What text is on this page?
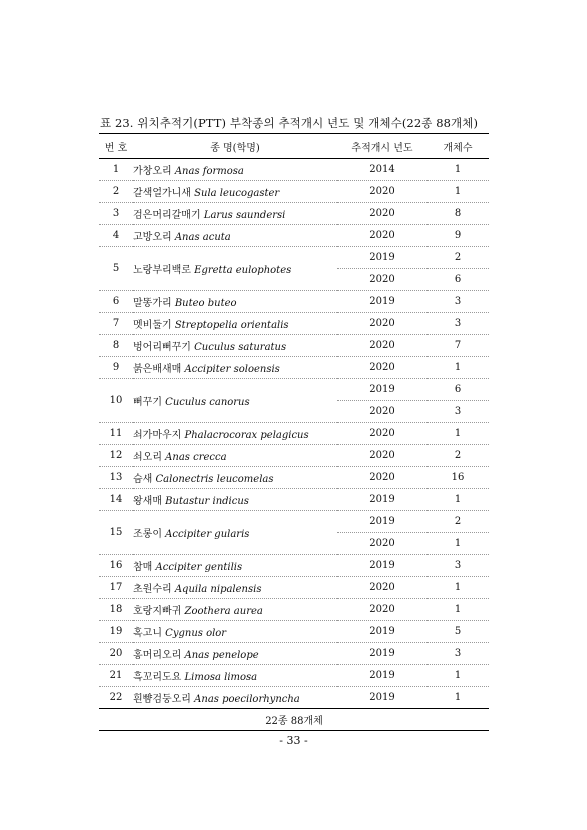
표 23. 위치추적기(PTT) 부착종의 추적개시 년도 및 개체수(22종 88개체)
번 호	종 명(학명)	추적개시 년도	개체수
1	가창오리 Anas formosa	2014	1
2	갈색얼가니새 Sula leucogaster	2020	1
3	검은머리갈매기 Larus saundersi	2020	8
4	고방오리 Anas acuta	2020	9
5	노랑부리백로 Egretta eulophotes	2019	2
		2020	6
6	말똥가리 Buteo buteo	2019	3
7	멧비둘기 Streptopelia orientalis	2020	3
8	벙어리뻐꾸기 Cuculus saturatus	2020	7
9	붉은배새매 Accipiter soloensis	2020	1
10	뻐꾸기 Cuculus canorus	2019	6
		2020	3
11	쇠가마우지 Phalacrocorax pelagicus	2020	1
12	쇠오리 Anas crecca	2020	2
13	슴새 Calonectris leucomelas	2020	16
14	왕새매 Butastur indicus	2019	1
15	조롱이 Accipiter gularis	2019	2
		2020	1
16	참매 Accipiter gentilis	2019	3
17	초원수리 Aquila nipalensis	2020	1
18	호랑지빠귀 Zoothera aurea	2020	1
19	혹고니 Cygnus olor	2019	5
20	홍머리오리 Anas penelope	2019	3
21	흑꼬리도요 Limosa limosa	2019	1
22	흰뺨검둥오리 Anas poecilorhyncha	2019	1
22종 88개체			
- 33 -
